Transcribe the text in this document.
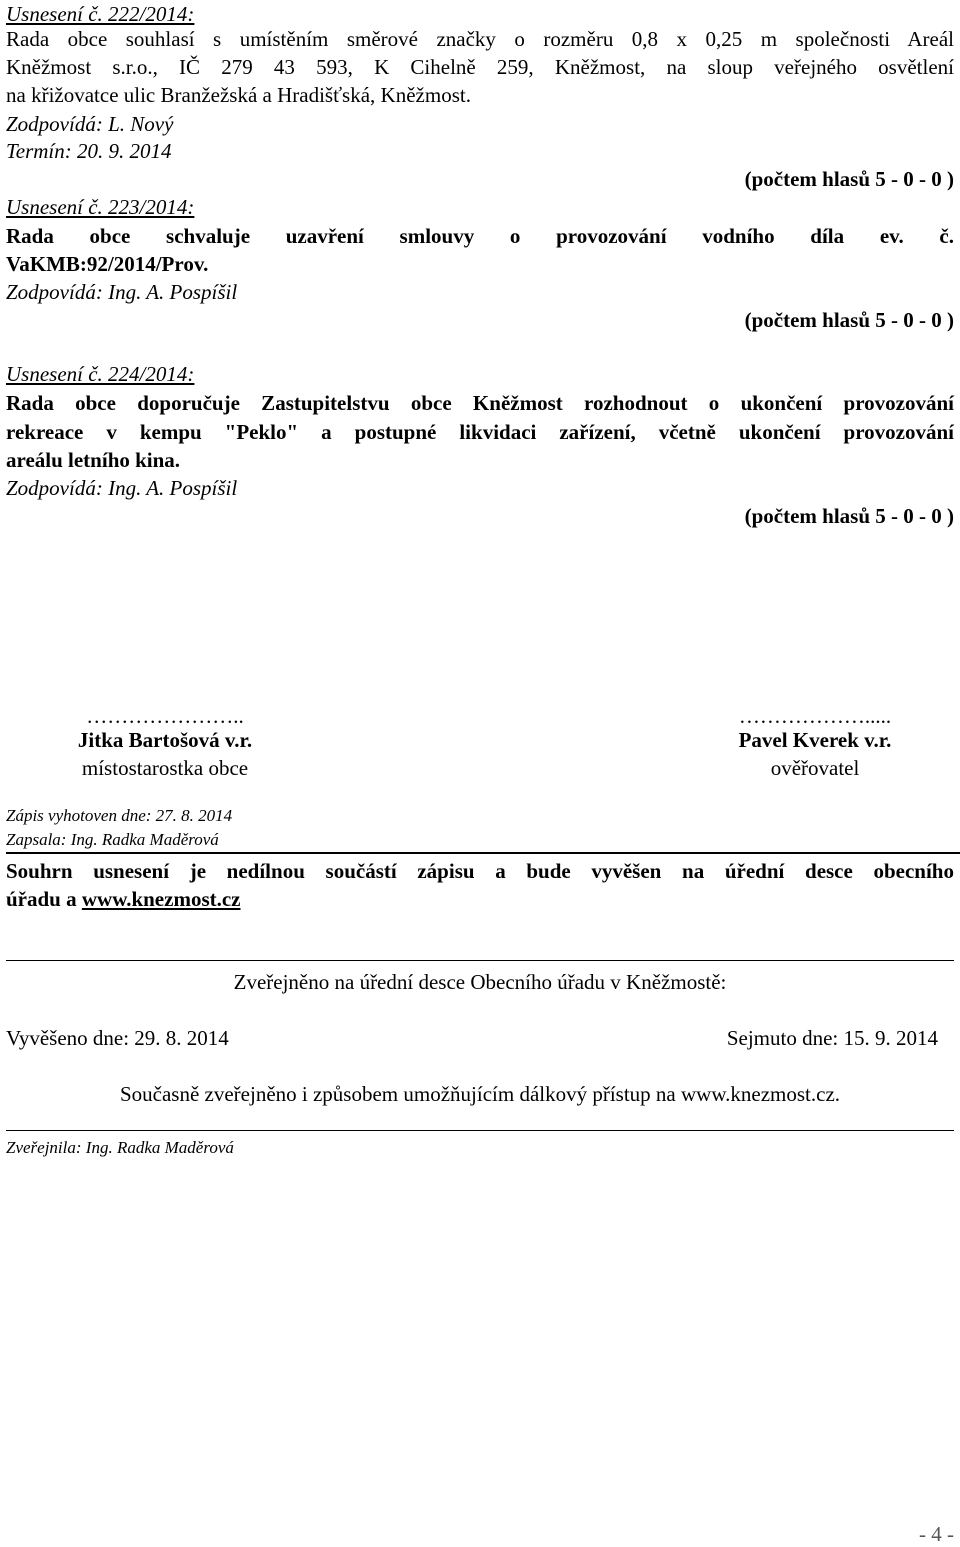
Usnesení č. 222/2014:

Rada obce souhlasí s umístěním směrové značky o rozměru 0,8 x 0,25 m společnosti Areál

Kněžmost s.r.o., IČ 279 43 593, K Cihelně 259, Kněžmost, na sloup veřejného osvětlení

na křižovatce ulic Branžežská a Hradišťská, Kněžmost.

Zodpovídá: L. Nový

Termín: 20. 9. 2014

(počtem hlasů 5 - 0 - 0 )

Usnesení č. 223/2014:

Rada obce schvaluje uzavření smlouvy o provozování vodního díla ev. č.

VaKMB:92/2014/Prov.

Zodpovídá: Ing. A. Pospíšil

(počtem hlasů 5 - 0 - 0 )

Usnesení č. 224/2014:

Rada obce doporučuje Zastupitelstvu obce Kněžmost rozhodnout o ukončení provozování

rekreace v kempu "Peklo" a postupné likvidaci zařízení, včetně ukončení provozování

areálu letního kina.

Zodpovídá: Ing. A. Pospíšil

(počtem hlasů 5 - 0 - 0 )

…………………..

Jitka Bartošová v.r.

místostarostka obce

……………….....

Pavel Kverek v.r.

ověřovatel

Zápis vyhotoven dne: 27. 8. 2014

Zapsala: Ing. Radka Maděrová

Souhrn usnesení je nedílnou součástí zápisu a bude vyvěšen na úřední desce obecního

úřadu a www.knezmost.cz

Zveřejněno na úřední desce Obecního úřadu v Kněžmostě:

Vyvěšeno dne: 29. 8. 2014	Sejmuto dne: 15. 9. 2014

Současně zveřejněno i způsobem umožňujícím dálkový přístup na www.knezmost.cz.

Zveřejnila: Ing. Radka Maděrová

- 4 -
